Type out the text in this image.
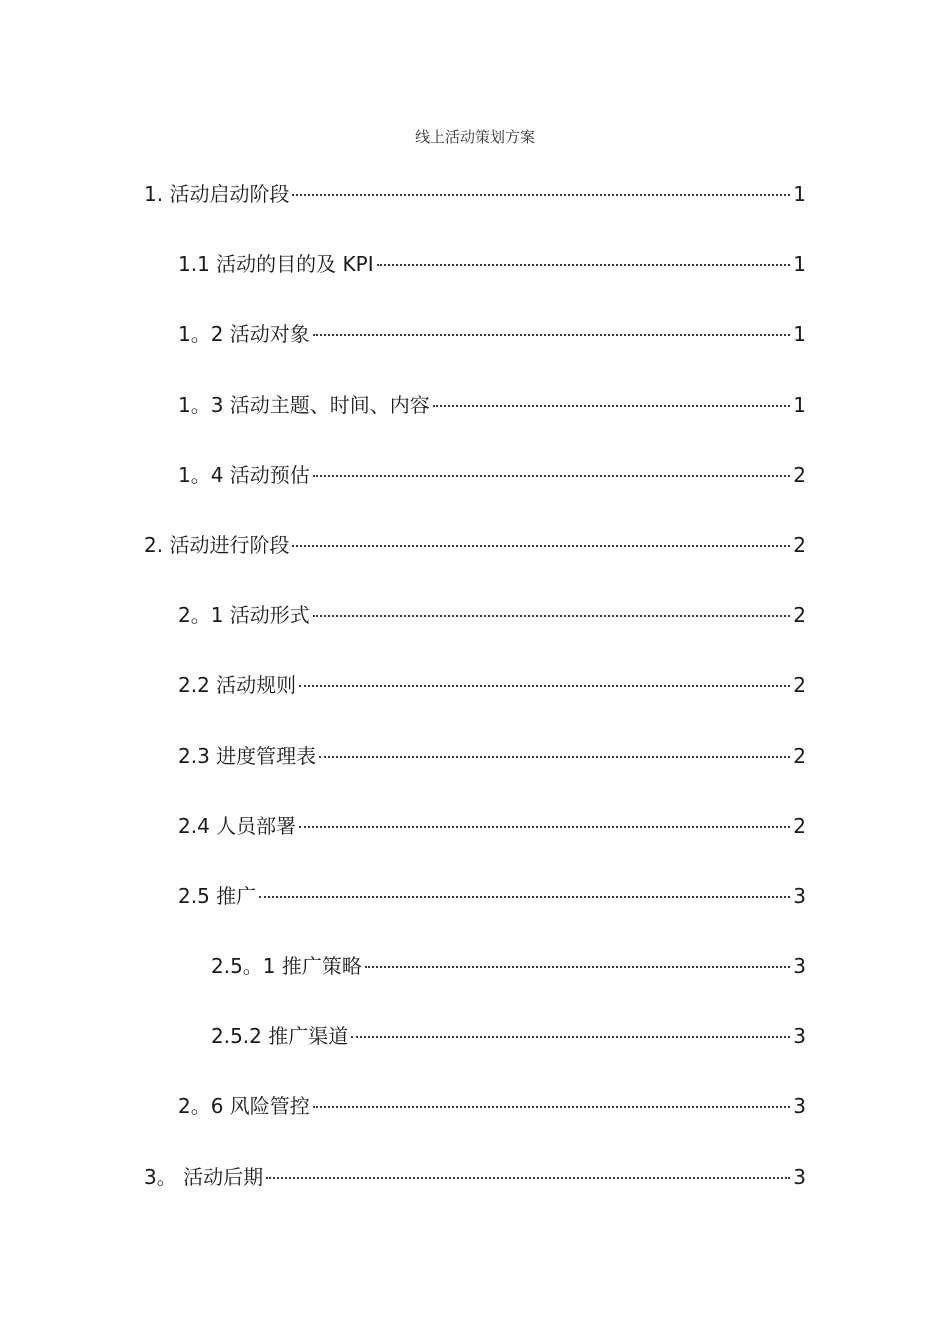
线上活动策划方案
1. 活动启动阶段	1
1.1 活动的目的及 KPI	1
1。2 活动对象	1
1。3 活动主题、时间、内容	1
1。4 活动预估	2
2. 活动进行阶段	2
2。1 活动形式	2
2.2 活动规则	2
2.3 进度管理表	2
2.4 人员部署	2
2.5 推广	3
2.5。1 推广策略	3
2.5.2 推广渠道	3
2。6 风险管控	3
3。 活动后期	3
